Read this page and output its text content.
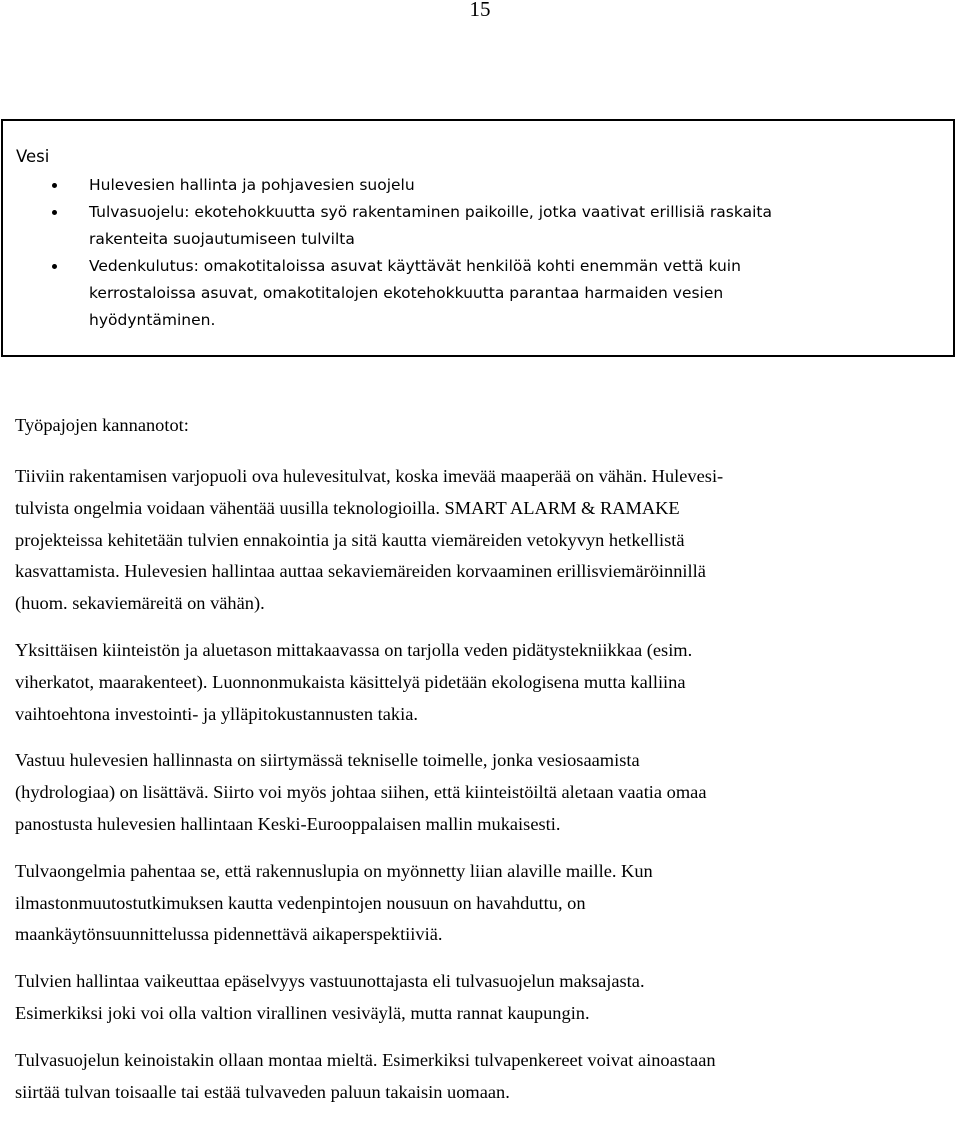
15
Vesi
Hulevesien hallinta ja pohjavesien suojelu
Tulvasuojelu: ekotehokkuutta syö rakentaminen paikoille, jotka vaativat erillisiä raskaita
rakenteita suojautumiseen tulvilta
Vedenkulutus: omakotitaloissa asuvat käyttävät henkilöä kohti enemmän vettä kuin
kerrostaloissa asuvat, omakotitalojen ekotehokkuutta parantaa harmaiden vesien
hyödyntäminen.
Työpajojen kannanotot:
Tiiviin rakentamisen varjopuoli ova hulevesitulvat, koska imevää maaperää on vähän. Hulevesi-
tulvista ongelmia voidaan vähentää uusilla teknologioilla. SMART ALARM & RAMAKE
projekteissa kehitetään tulvien ennakointia ja sitä kautta viemäreiden vetokyvyn hetkellistä
kasvattamista. Hulevesien hallintaa auttaa sekaviemäreiden korvaaminen erillisviemäröinnillä
(huom. sekaviemäreitä on vähän).
Yksittäisen kiinteistön ja aluetason mittakaavassa on tarjolla veden pidätystekniikkaa (esim.
viherkatot, maarakenteet). Luonnonmukaista käsittelyä pidetään ekologisena mutta kalliina
vaihtoehtona investointi- ja ylläpitokustannusten takia.
Vastuu hulevesien hallinnasta on siirtymässä tekniselle toimelle, jonka vesiosaamista
(hydrologiaa) on lisättävä. Siirto voi myös johtaa siihen, että kiinteistöiltä aletaan vaatia omaa
panostusta hulevesien hallintaan Keski-Eurooppalaisen mallin mukaisesti.
Tulvaongelmia pahentaa se, että rakennuslupia on myönnetty liian alaville maille. Kun
ilmastonmuutostutkimuksen kautta vedenpintojen nousuun on havahduttu, on
maankäytönsuunnittelussa pidennettävä aikaperspektiiviä.
Tulvien hallintaa vaikeuttaa epäselvyys vastuunottajasta eli tulvasuojelun maksajasta.
Esimerkiksi joki voi olla valtion virallinen vesiväylä, mutta rannat kaupungin.
Tulvasuojelun keinoistakin ollaan montaa mieltä. Esimerkiksi tulvapenkereet voivat ainoastaan
siirtää tulvan toisaalle tai estää tulvaveden paluun takaisin uomaan.
